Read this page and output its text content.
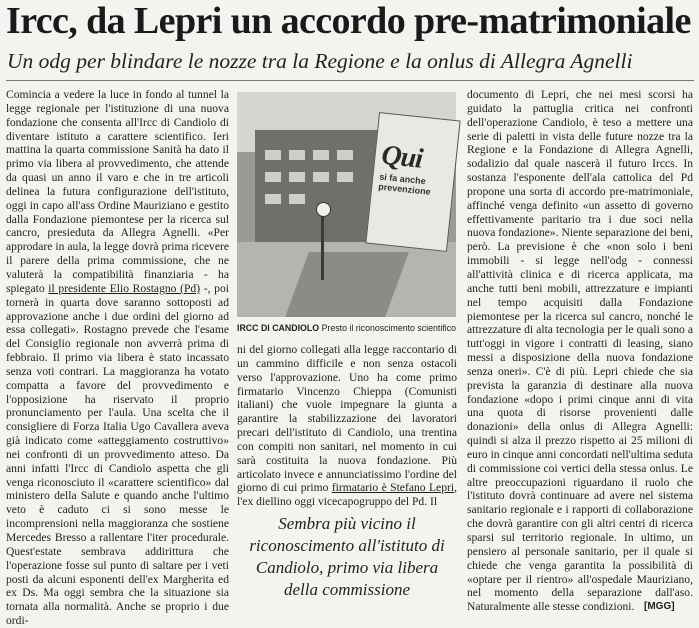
Ircc, da Lepri un accordo pre-matrimoniale
Un odg per blindare le nozze tra la Regione e la onlus di Allegra Agnelli
Comincia a vedere la luce in fondo al tunnel la legge regionale per l'istituzione di una nuova fondazione che consenta all'Ircc di Candiolo di diventare istituto a carattere scientifico. Ieri mattina la quarta commissione Sanità ha dato il primo via libera al provvedimento, che attende da quasi un anno il varo e che in tre articoli delinea la futura configurazione dell'istituto, oggi in capo all'ass Ordine Mauriziano e gestito dalla Fondazione piemontese per la ricerca sul cancro, presieduta da Allegra Agnelli. «Per approdare in aula, la legge dovrà prima ricevere il parere della prima commissione, che ne valuterà la compatibilità finanziaria - ha spiegato il presidente Elio Rostagno (Pd) -, poi tornerà in quarta dove saranno sottoposti ad approvazione anche i due ordini del giorno ad essa collegati». Rostagno prevede che l'esame del Consiglio regionale non avverrà prima di febbraio. Il primo via libera è stato incassato senza voti contrari. La maggioranza ha votato compatta a favore del provvedimento e l'opposizione ha riservato il proprio pronunciamento per l'aula. Una scelta che il consigliere di Forza Italia Ugo Cavallera aveva già indicato come «atteggiamento costruttivo» nei confronti di un provvedimento atteso. Da anni infatti l'Ircc di Candiolo aspetta che gli venga riconosciuto il «carattere scientifico» dal ministero della Salute e quando anche l'ultimo veto è caduto ci si sono messe le incomprensioni nella maggioranza che sostiene Mercedes Bresso a rallentare l'iter procedurale. Quest'estate sembrava addirittura che l'operazione fosse sul punto di saltare per i veti posti da alcuni esponenti dell'ex Margherita ed ex Ds. Ma oggi sembra che la situazione sia tornata alla normalità. Anche se proprio i due ordi-
Qui
si fa anche prevenzione
IRCC DI CANDIOLO Presto il riconoscimento scientifico
ni del giorno collegati alla legge raccontario di un cammino difficile e non senza ostacoli verso l'approvazione. Uno ha come primo firmatario Vincenzo Chieppa (Comunisti italiani) che vuole impegnare la giunta a garantire la stabilizzazione dei lavoratori precari dell'istituto di Candiolo, una trentina con compiti non sanitari, nel momento in cui sarà costituita la nuova fondazione. Più articolato invece e annunciatissimo l'ordine del giorno di cui primo firmatario è Stefano Lepri, l'ex diellino oggi vicecapogruppo del Pd. Il
Sembra più vicino il riconoscimento all'istituto di Candiolo, primo via libera della commissione
documento di Lepri, che nei mesi scorsi ha guidato la pattuglia critica nei confronti dell'operazione Candiolo, è teso a mettere una serie di paletti in vista delle future nozze tra la Regione e la Fondazione di Allegra Agnelli, sodalizio dal quale nascerà il futuro Irccs. In sostanza l'esponente dell'ala cattolica del Pd propone una sorta di accordo pre-matrimoniale, affinché venga definito «un assetto di governo effettivamente paritario tra i due soci nella nuova fondazione». Niente separazione dei beni, però. La previsione è che «non solo i beni immobili - si legge nell'odg - connessi all'attività clinica e di ricerca applicata, ma anche tutti beni mobili, attrezzature e impianti nel tempo acquisiti dalla Fondazione piemontese per la ricerca sul cancro, nonché le attrezzature di alta tecnologia per le quali sono a tutt'oggi in vigore i contratti di leasing, siano messi a disposizione della nuova fondazione senza oneri». C'è di più. Lepri chiede che sia prevista la garanzia di destinare alla nuova fondazione «dopo i primi cinque anni di vita una quota di risorse provenienti dalle donazioni» della onlus di Allegra Agnelli: quindi si alza il prezzo rispetto ai 25 milioni di euro in cinque anni concordati nell'ultima seduta di commissione coi vertici della stessa onlus. Le altre preoccupazioni riguardano il ruolo che l'istituto dovrà continuare ad avere nel sistema sanitario regionale e i rapporti di collaborazione che dovrà garantire con gli altri centri di ricerca sparsi sul territorio regionale. In ultimo, un pensiero al personale sanitario, per il quale si chiede che venga garantita la possibilità di «optare per il rientro» all'ospedale Mauriziano, nel momento della separazione dall'aso. Naturalmente alle stesse condizioni. [MGG]
